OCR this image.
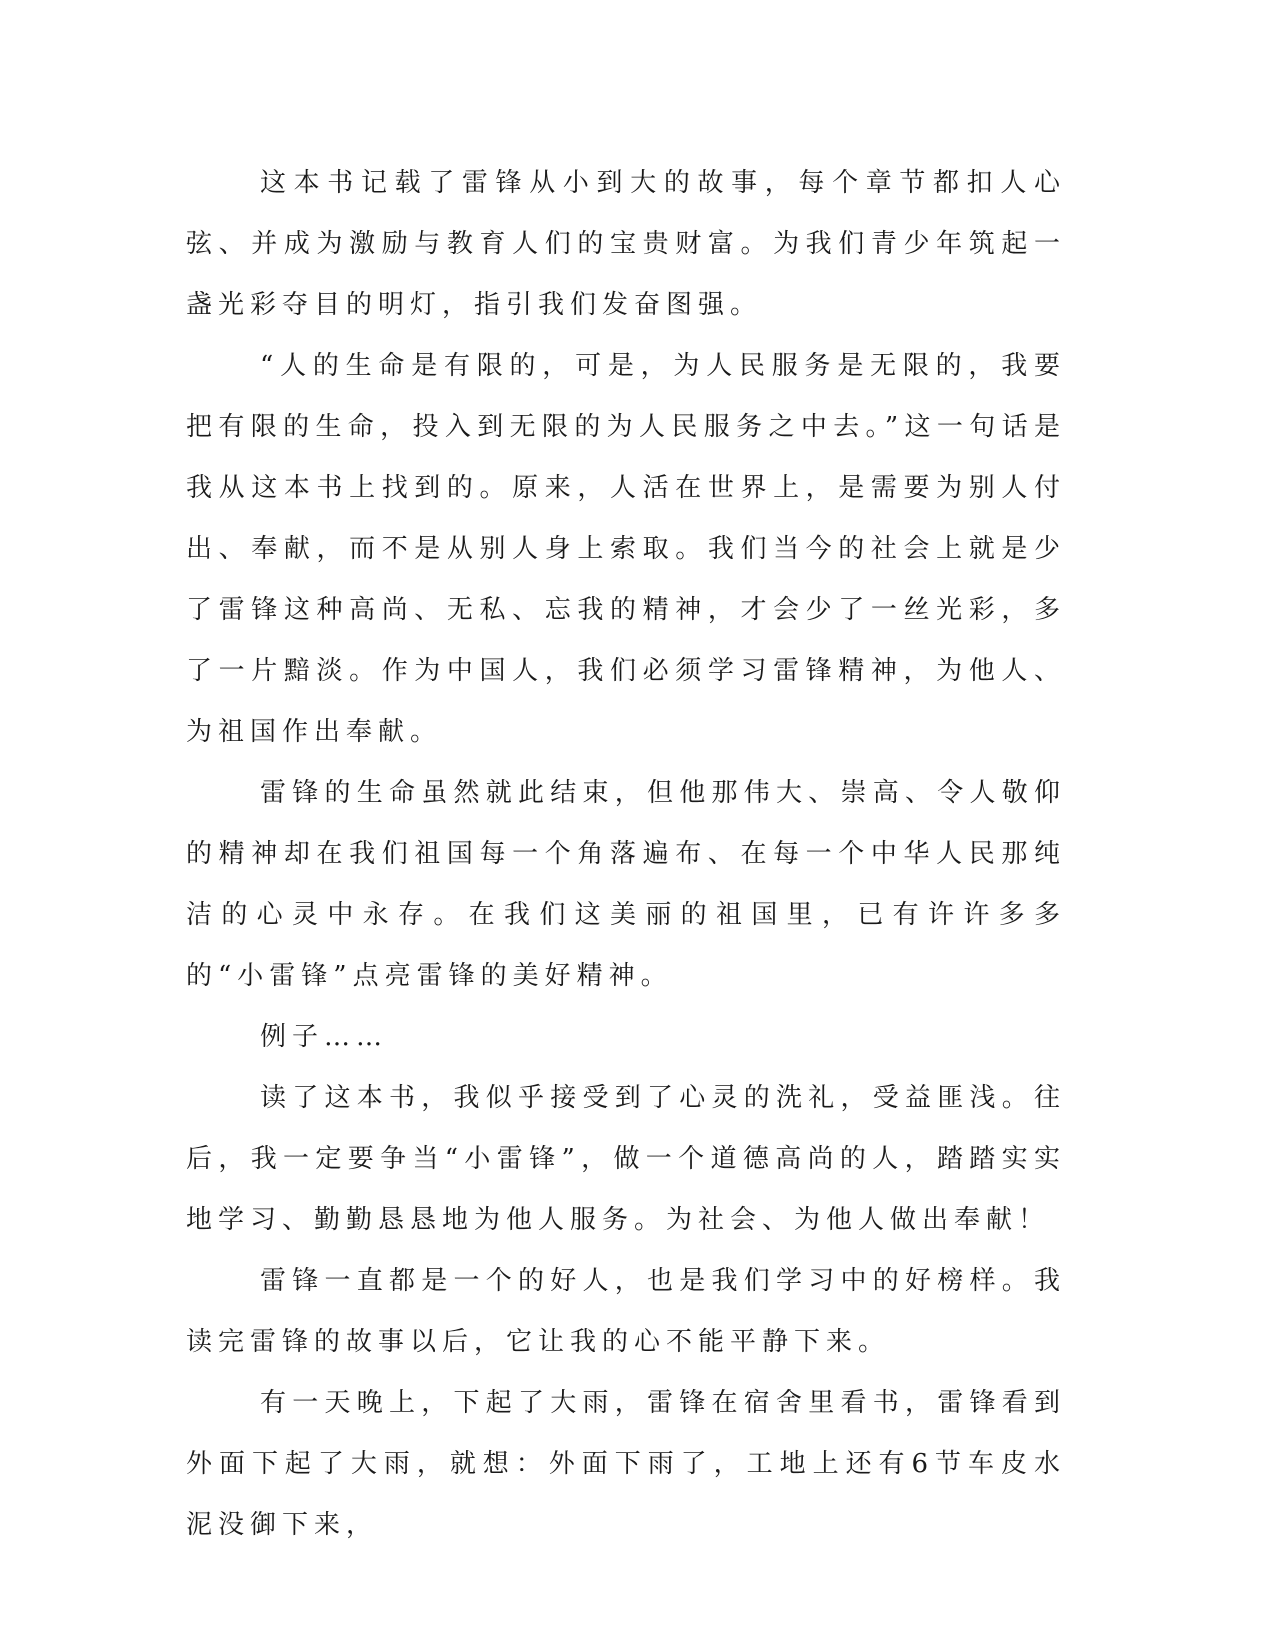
这本书记载了雷锋从小到大的故事，每个章节都扣人心弦、并成为激励与教育人们的宝贵财富。为我们青少年筑起一盏光彩夺目的明灯，指引我们发奋图强。

“人的生命是有限的，可是，为人民服务是无限的，我要把有限的生命，投入到无限的为人民服务之中去。”这一句话是我从这本书上找到的。原来，人活在世界上，是需要为别人付出、奉献，而不是从别人身上索取。我们当今的社会上就是少了雷锋这种高尚、无私、忘我的精神，才会少了一丝光彩，多了一片黯淡。作为中国人，我们必须学习雷锋精神，为他人、为祖国作出奉献。

雷锋的生命虽然就此结束，但他那伟大、崇高、令人敬仰的精神却在我们祖国每一个角落遍布、在每一个中华人民那纯洁的心灵中永存。在我们这美丽的祖国里，已有许许多多的“小雷锋”点亮雷锋的美好精神。

例子……

读了这本书，我似乎接受到了心灵的洗礼，受益匪浅。往后，我一定要争当“小雷锋”，做一个道德高尚的人，踏踏实实地学习、勤勤恳恳地为他人服务。为社会、为他人做出奉献！

雷锋一直都是一个的好人，也是我们学习中的好榜样。我读完雷锋的故事以后，它让我的心不能平静下来。

有一天晚上，下起了大雨，雷锋在宿舍里看书，雷锋看到外面下起了大雨，就想：外面下雨了，工地上还有6节车皮水泥没御下来，
